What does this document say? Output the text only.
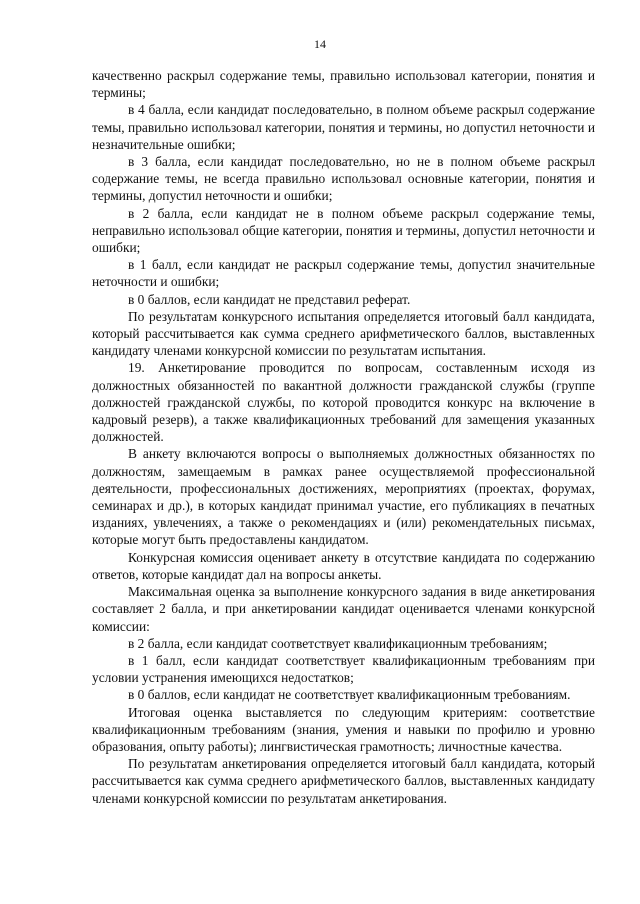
14

качественно раскрыл содержание темы, правильно использовал категории, понятия и термины;

в 4 балла, если кандидат последовательно, в полном объеме раскрыл содержание темы, правильно использовал категории, понятия и термины, но допустил неточности и незначительные ошибки;

в 3 балла, если кандидат последовательно, но не в полном объеме раскрыл содержание темы, не всегда правильно использовал основные категории, понятия и термины, допустил неточности и ошибки;

в 2 балла, если кандидат не в полном объеме раскрыл содержание темы, неправильно использовал общие категории, понятия и термины, допустил неточности и ошибки;

в 1 балл, если кандидат не раскрыл содержание темы, допустил значительные неточности и ошибки;

в 0 баллов, если кандидат не представил реферат.

По результатам конкурсного испытания определяется итоговый балл кандидата, который рассчитывается как сумма среднего арифметического баллов, выставленных кандидату членами конкурсной комиссии по результатам испытания.

19. Анкетирование проводится по вопросам, составленным исходя из должностных обязанностей по вакантной должности гражданской службы (группе должностей гражданской службы, по которой проводится конкурс на включение в кадровый резерв), а также квалификационных требований для замещения указанных должностей.

В анкету включаются вопросы о выполняемых должностных обязанностях по должностям, замещаемым в рамках ранее осуществляемой профессиональной деятельности, профессиональных достижениях, мероприятиях (проектах, форумах, семинарах и др.), в которых кандидат принимал участие, его публикациях в печатных изданиях, увлечениях, а также о рекомендациях и (или) рекомендательных письмах, которые могут быть предоставлены кандидатом.

Конкурсная комиссия оценивает анкету в отсутствие кандидата по содержанию ответов, которые кандидат дал на вопросы анкеты.

Максимальная оценка за выполнение конкурсного задания в виде анкетирования составляет 2 балла, и при анкетировании кандидат оценивается членами конкурсной комиссии:

в 2 балла, если кандидат соответствует квалификационным требованиям;

в 1 балл, если кандидат соответствует квалификационным требованиям при условии устранения имеющихся недостатков;

в 0 баллов, если кандидат не соответствует квалификационным требованиям.

Итоговая оценка выставляется по следующим критериям: соответствие квалификационным требованиям (знания, умения и навыки по профилю и уровню образования, опыту работы); лингвистическая грамотность; личностные качества.

По результатам анкетирования определяется итоговый балл кандидата, который рассчитывается как сумма среднего арифметического баллов, выставленных кандидату членами конкурсной комиссии по результатам анкетирования.
